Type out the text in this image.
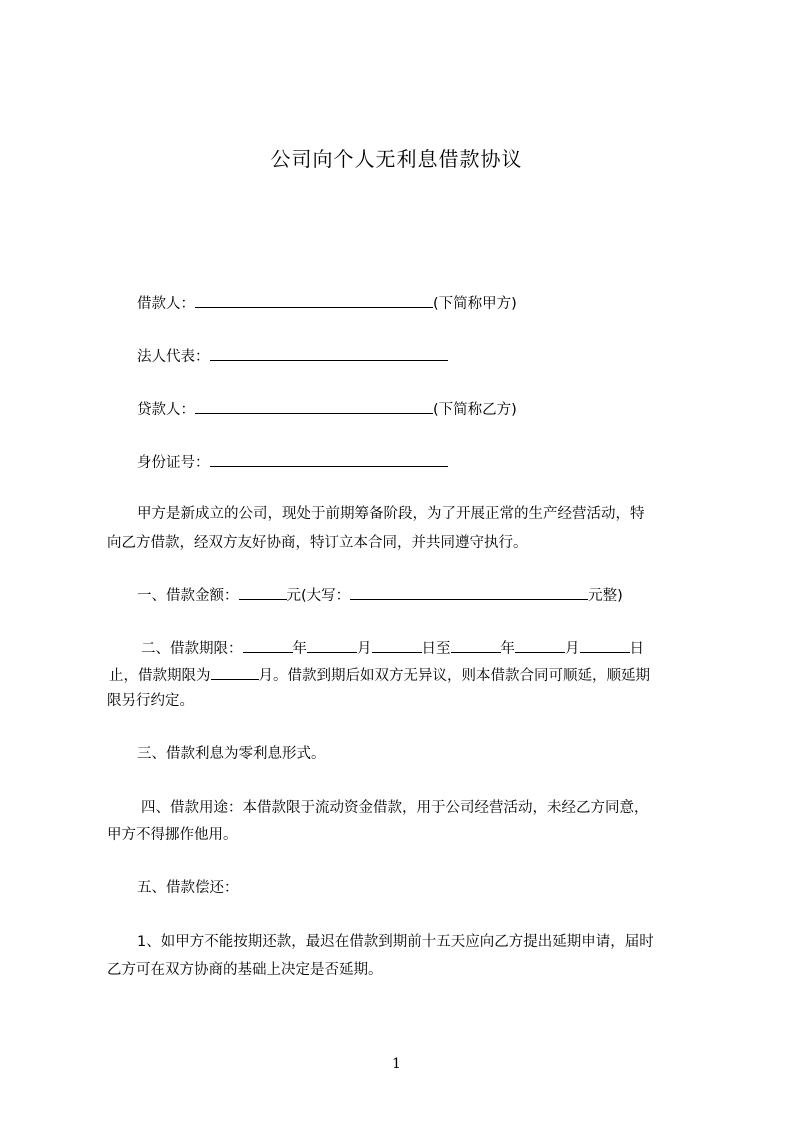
公司向个人无利息借款协议
借款人：	(下简称甲方)
法人代表：
贷款人：	(下简称乙方)
身份证号：
甲方是新成立的公司，现处于前期筹备阶段，为了开展正常的生产经营活动，特
向乙方借款，经双方友好协商，特订立本合同，并共同遵守执行。
一、借款金额：	元(大写：	元整)
二、借款期限：	年	月	日至	年	月	日
止，借款期限为	月。借款到期后如双方无异议，则本借款合同可顺延，顺延期
限另行约定。
三、借款利息为零利息形式。
四、借款用途：本借款限于流动资金借款，用于公司经营活动，未经乙方同意，
甲方不得挪作他用。
五、借款偿还：
1、如甲方不能按期还款，最迟在借款到期前十五天应向乙方提出延期申请，届时
乙方可在双方协商的基础上决定是否延期。
1
